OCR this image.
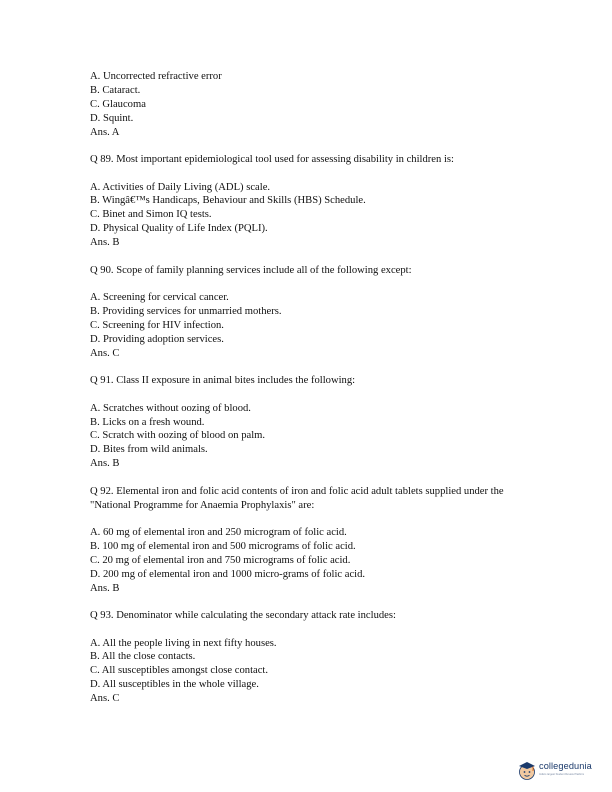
A. Uncorrected refractive error
B. Cataract.
C. Glaucoma
D. Squint.
Ans. A
Q 89. Most important epidemiological tool used for assessing disability in children is:
A. Activities of Daily Living (ADL) scale.
B. Wingâ€™s Handicaps, Behaviour and Skills (HBS) Schedule.
C. Binet and Simon IQ tests.
D. Physical Quality of Life Index (PQLI).
Ans. B
Q 90. Scope of family planning services include all of the following except:
A. Screening for cervical cancer.
B. Providing services for unmarried mothers.
C. Screening for HIV infection.
D. Providing adoption services.
Ans. C
Q 91. Class II exposure in animal bites includes the following:
A. Scratches without oozing of blood.
B. Licks on a fresh wound.
C. Scratch with oozing of blood on palm.
D. Bites from wild animals.
Ans. B
Q 92. Elemental iron and folic acid contents of iron and folic acid adult tablets supplied under the "National Programme for Anaemia Prophylaxis" are:
A. 60 mg of elemental iron and 250 microgram of folic acid.
B. 100 mg of elemental iron and 500 micrograms of folic acid.
C. 20 mg of elemental iron and 750 micrograms of folic acid.
D. 200 mg of elemental iron and 1000 micro-grams of folic acid.
Ans. B
Q 93. Denominator while calculating the secondary attack rate includes:
A. All the people living in next fifty houses.
B. All the close contacts.
C. All susceptibles amongst close contact.
D. All susceptibles in the whole village.
Ans. C
collegedunia
India's largest Student Review Platform
